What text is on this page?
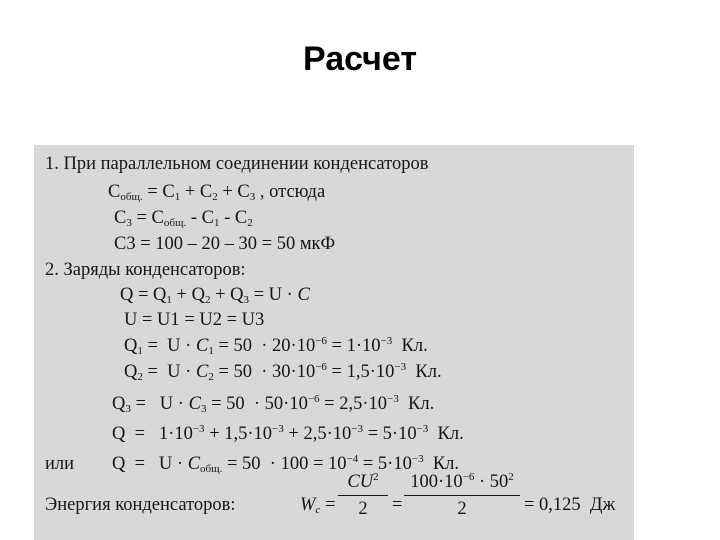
Расчет
1. При параллельном соединении конденсаторов
$C_{общ.} = C_1 + C_2 + C_3$ , отсюда
$C_3 = C_{общ.} - C_1 - C_2$
C3 = 100 – 20 – 30 = 50 мкФ
2. Заряды конденсаторов:
$Q = Q_1 + Q_2 + Q_3 = U \cdot C$
U = U1 = U2 = U3
$Q_1 = U \cdot C_1 = 50 \cdot 20\cdot 10^{-6} = 1\cdot 10^{-3}$  Кл.
$Q_2 = U \cdot C_2 = 50 \cdot 30\cdot 10^{-6} = 1,5\cdot 10^{-3}$  Кл.
$Q_3 = U \cdot C_3 = 50 \cdot 50\cdot 10^{-6} = 2,5\cdot 10^{-3}$  Кл.
$Q = 1\cdot 10^{-3} + 1,5\cdot 10^{-3} + 2,5\cdot 10^{-3} = 5\cdot 10^{-3}$  Кл.
или $Q = U \cdot C_{общ.} = 50 \cdot 100 = 10^{-4} = 5\cdot 10^{-3}$  Кл.
Энергия конденсаторов:	$W_c$ =
$CU^2$
2	=
$100\cdot 10^{-6} \cdot 50^2$
2	= 0,125  Дж
